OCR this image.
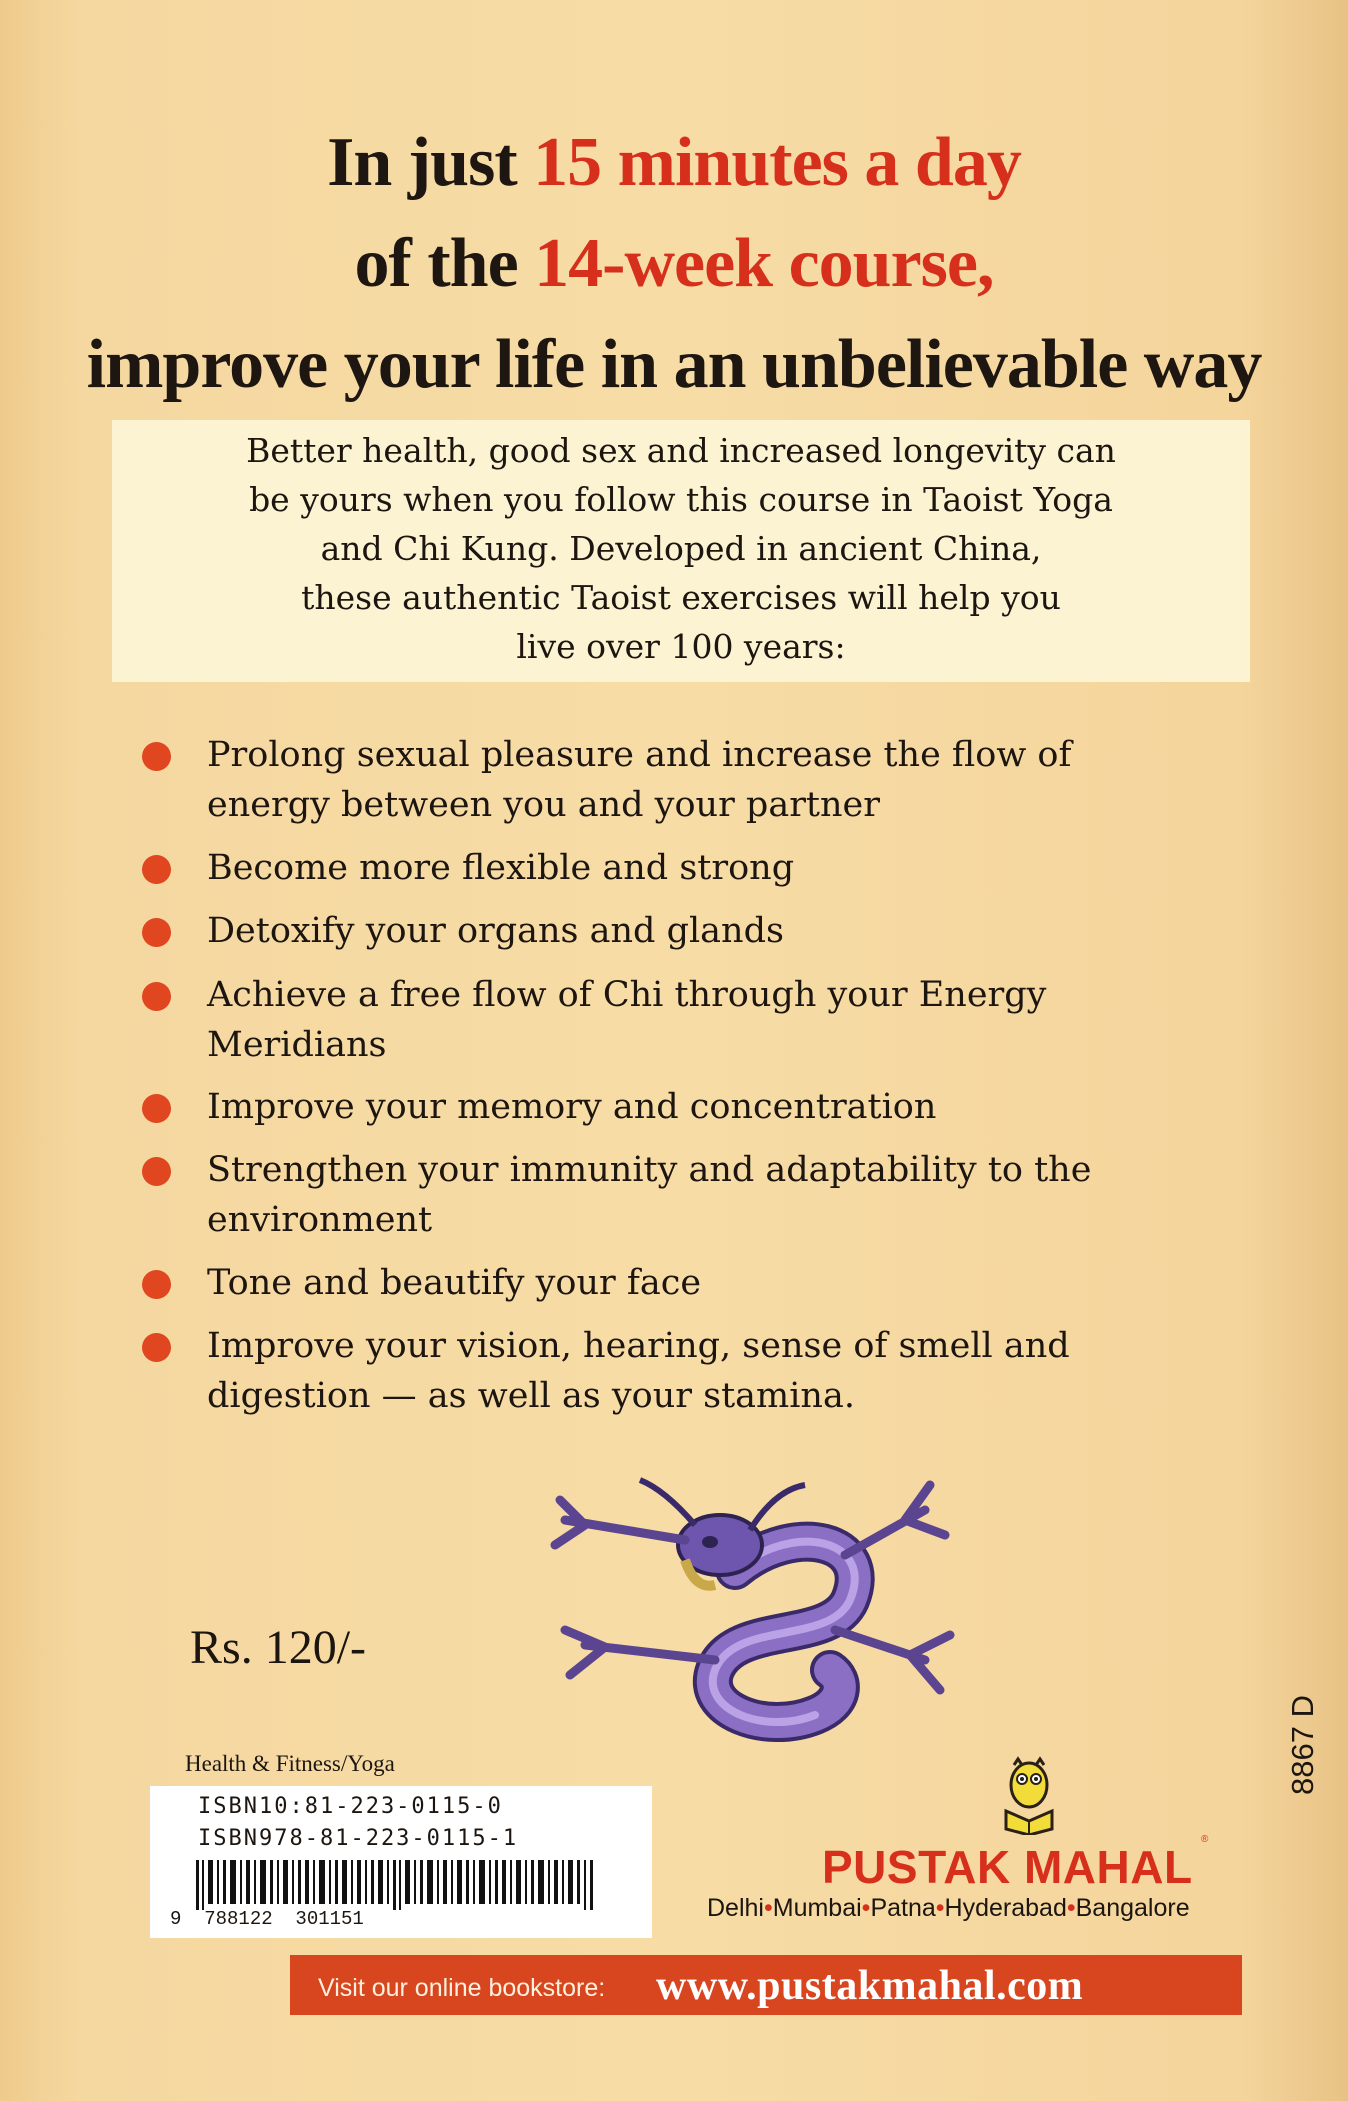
In just 15 minutes a day
of the 14-week course,
improve your life in an unbelievable way
Better health, good sex and increased longevity can
be yours when you follow this course in Taoist Yoga
and Chi Kung. Developed in ancient China,
these authentic Taoist exercises will help you
live over 100 years:
Prolong sexual pleasure and increase the flow of
energy between you and your partner
Become more flexible and strong
Detoxify your organs and glands
Achieve a free flow of Chi through your Energy
Meridians
Improve your memory and concentration
Strengthen your immunity and adaptability to the
environment
Tone and beautify your face
Improve your vision, hearing, sense of smell and
digestion — as well as your stamina.
Rs. 120/-
Health & Fitness/Yoga
ISBN10:81-223-0115-0
ISBN978-81-223-0115-1
9  788122  301151
8867 D
PUSTAK MAHAL
®
Delhi•Mumbai•Patna•Hyderabad•Bangalore
Visit our online bookstore: www.pustakmahal.com
